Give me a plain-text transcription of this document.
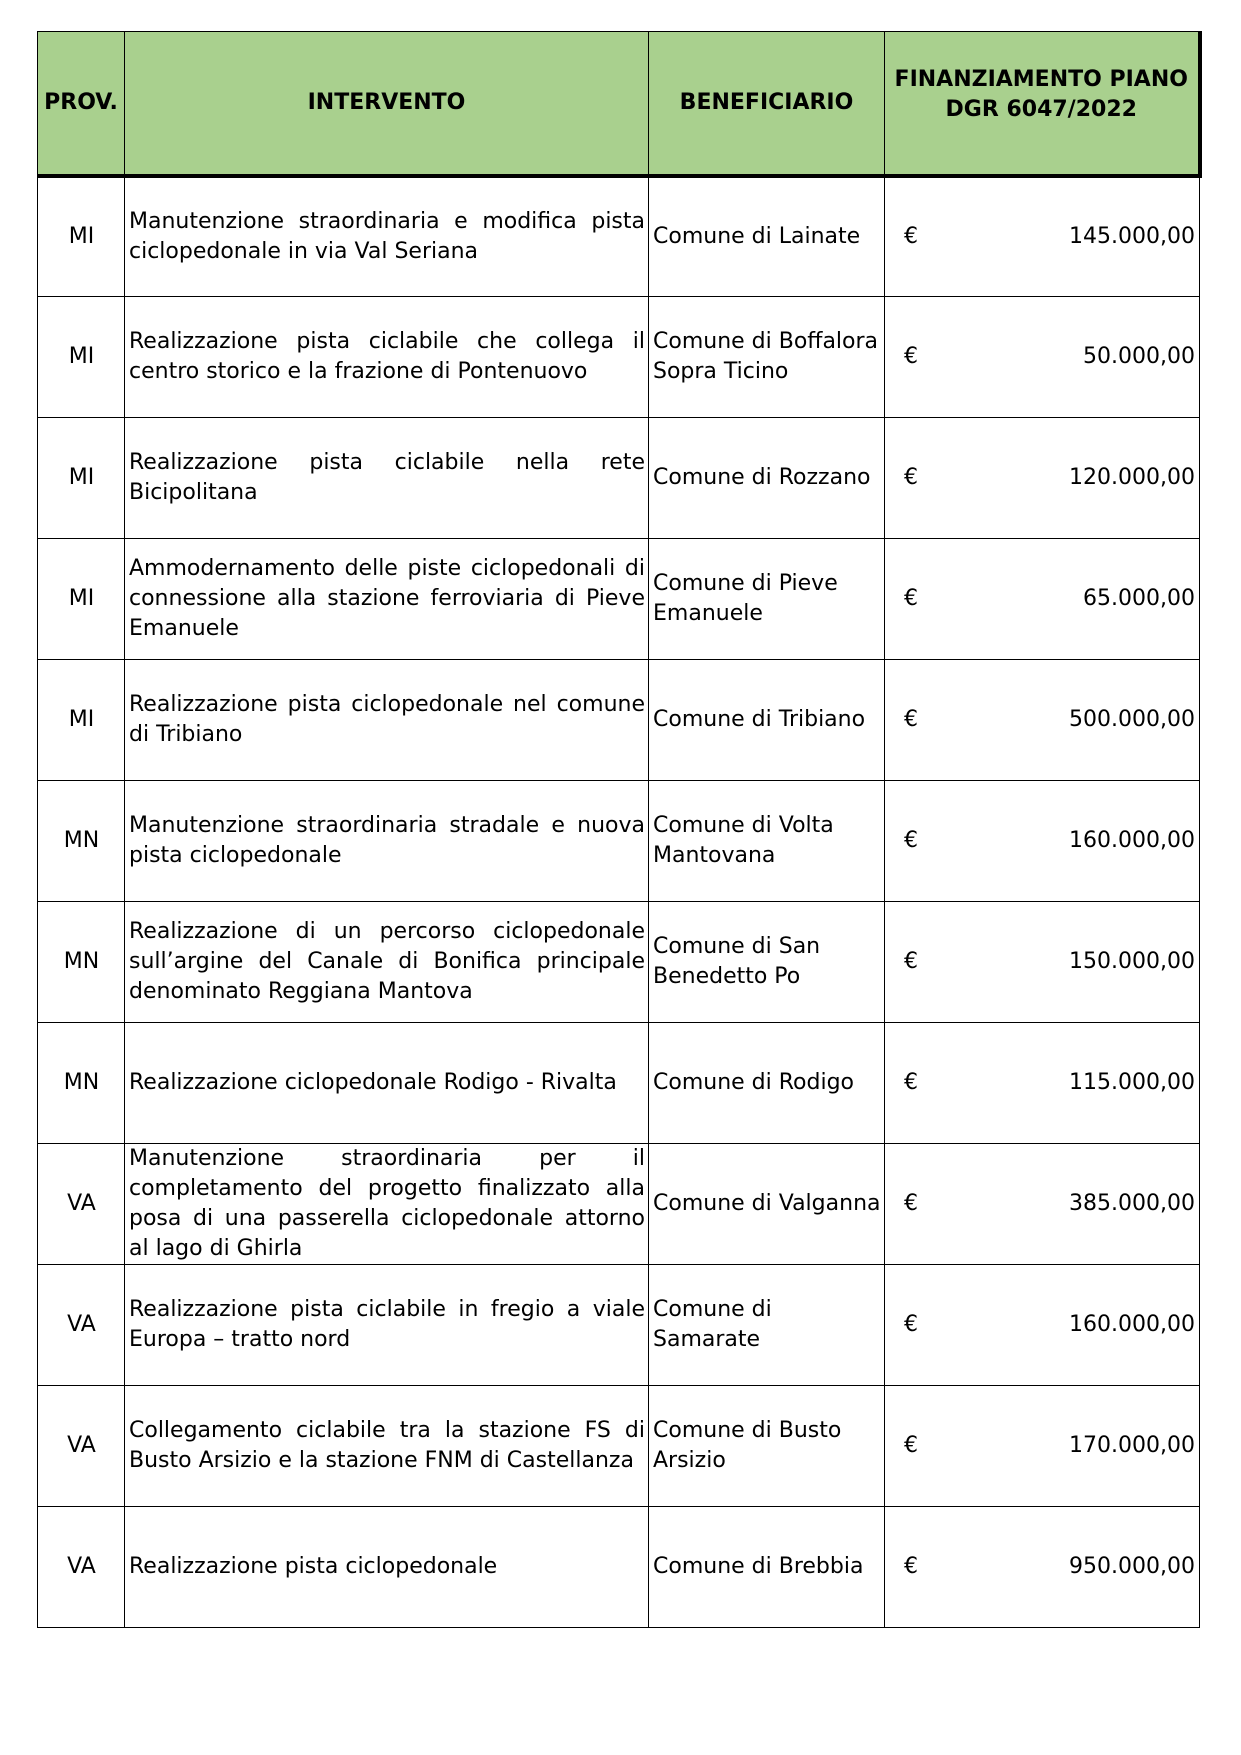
PROV.	INTERVENTO	BENEFICIARIO	FINANZIAMENTO PIANO DGR 6047/2022
MI	Manutenzione straordinaria e modifica pista ciclopedonale in via Val Seriana	Comune di Lainate	€ 145.000,00

MI	Realizzazione pista ciclabile che collega il centro storico e la frazione di Pontenuovo	Comune di Boffalora Sopra Ticino	€ 50.000,00

MI	Realizzazione pista ciclabile nella rete Bicipolitana	Comune di Rozzano	€ 120.000,00

MI	Ammodernamento delle piste ciclopedonali di connessione alla stazione ferroviaria di Pieve Emanuele	Comune di Pieve Emanuele	€ 65.000,00

MI	Realizzazione pista ciclopedonale nel comune di Tribiano	Comune di Tribiano	€ 500.000,00

MN	Manutenzione straordinaria stradale e nuova pista ciclopedonale	Comune di Volta Mantovana	€ 160.000,00

MN	Realizzazione di un percorso ciclopedonale sull’argine del Canale di Bonifica principale denominato Reggiana Mantova	Comune di San Benedetto Po	€ 150.000,00

MN	Realizzazione ciclopedonale Rodigo - Rivalta	Comune di Rodigo	€ 115.000,00

VA	Manutenzione straordinaria per il completamento del progetto finalizzato alla posa di una passerella ciclopedonale attorno al lago di Ghirla	Comune di Valganna	€ 385.000,00

VA	Realizzazione pista ciclabile in fregio a viale Europa – tratto nord	Comune di Samarate	€ 160.000,00

VA	Collegamento ciclabile tra la stazione FS di Busto Arsizio e la stazione FNM di Castellanza	Comune di Busto Arsizio	€ 170.000,00

VA	Realizzazione pista ciclopedonale	Comune di Brebbia	€ 950.000,00
